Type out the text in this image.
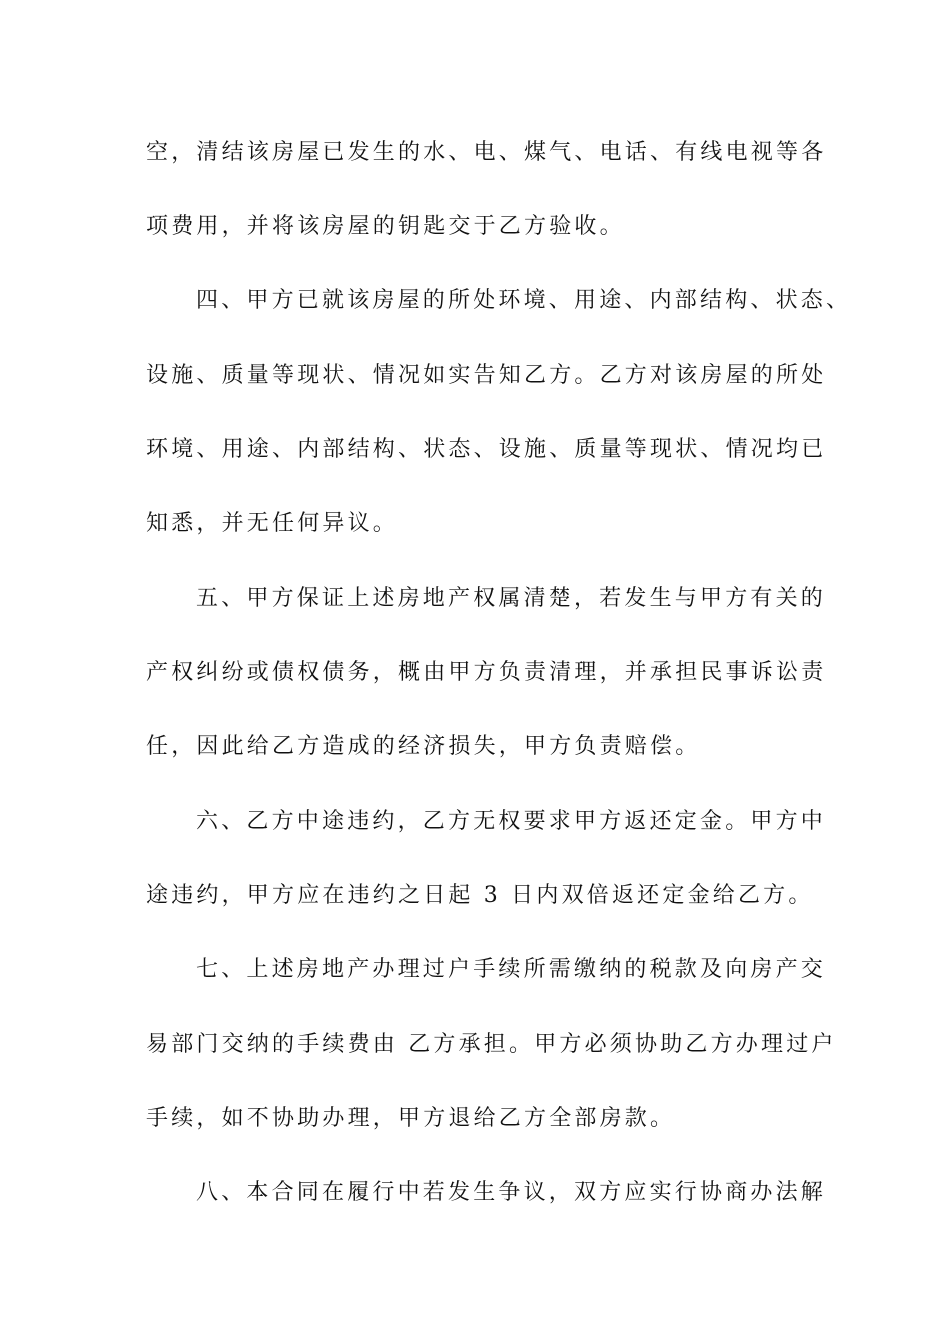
空，清结该房屋已发生的水、电、煤气、电话、有线电视等各
项费用，并将该房屋的钥匙交于乙方验收。
四、甲方已就该房屋的所处环境、用途、内部结构、状态、
设施、质量等现状、情况如实告知乙方。乙方对该房屋的所处
环境、用途、内部结构、状态、设施、质量等现状、情况均已
知悉，并无任何异议。
五、甲方保证上述房地产权属清楚，若发生与甲方有关的
产权纠纷或债权债务，概由甲方负责清理，并承担民事诉讼责
任，因此给乙方造成的经济损失，甲方负责赔偿。
六、乙方中途违约，乙方无权要求甲方返还定金。甲方中
途违约，甲方应在违约之日起 3 日内双倍返还定金给乙方。
七、上述房地产办理过户手续所需缴纳的税款及向房产交
易部门交纳的手续费由 乙方承担。甲方必须协助乙方办理过户
手续，如不协助办理，甲方退给乙方全部房款。
八、本合同在履行中若发生争议，双方应实行协商办法解
